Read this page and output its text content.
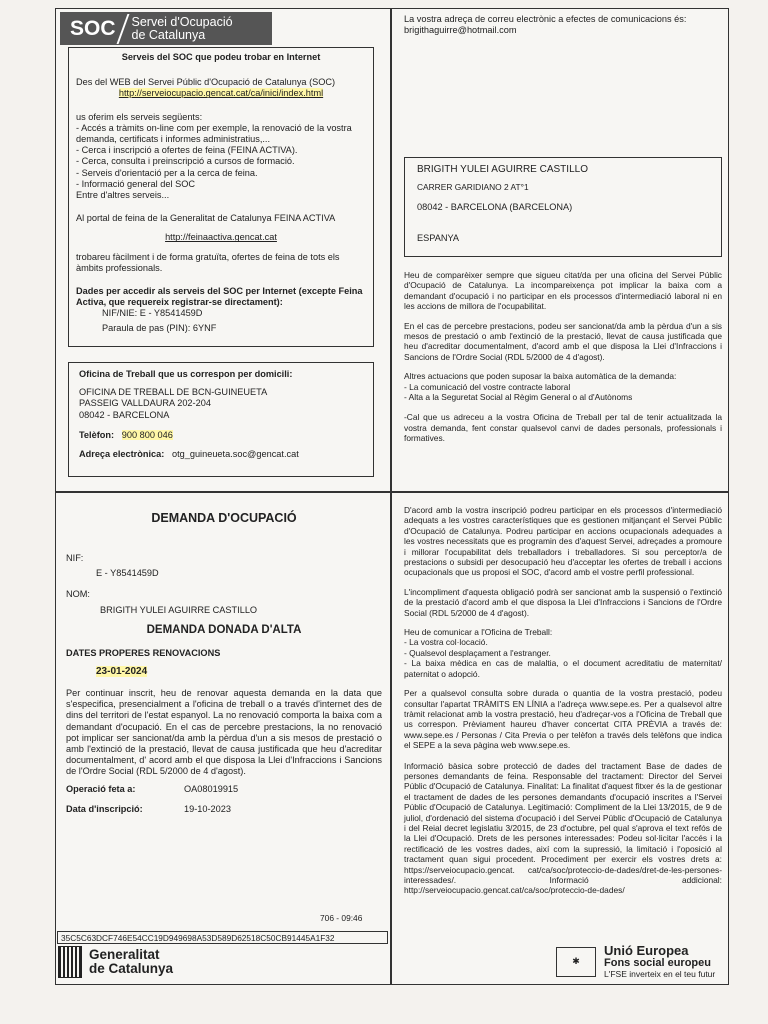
SOC	Servei d'Ocupació
de Catalunya
Serveis del SOC que podeu trobar en Internet
Des del WEB del Servei Públic d'Ocupació de Catalunya (SOC)
http://serveiocupacio.gencat.cat/ca/inici/index.html
us oferim els serveis següents:
- Accés a tràmits on-line com per exemple, la renovació de la vostra demanda, certificats i informes administratius,...
- Cerca i inscripció a ofertes de feina (FEINA ACTIVA).
- Cerca, consulta i preinscripció a cursos de formació.
- Serveis d'orientació per a la cerca de feina.
- Informació general del SOC
Entre d'altres serveis...
Al portal de feina de la Generalitat de Catalunya FEINA ACTIVA
http://feinaactiva.gencat.cat
trobareu fàcilment i de forma gratuïta, ofertes de feina de tots els àmbits professionals.
Dades per accedir als serveis del SOC per Internet (excepte Feina Activa, que requereix registrar-se directament):
NIF/NIE: E - Y8541459D
Paraula de pas (PIN): 6YNF
Oficina de Treball que us correspon per domicili:
OFICINA DE TREBALL DE BCN-GUINEUETA
PASSEIG VALLDAURA 202-204
08042 - BARCELONA
Telèfon: 900 800 046
Adreça electrònica: otg_guineueta.soc@gencat.cat
La vostra adreça de correu electrònic a efectes de comunicacions és:
brigithaguirre@hotmail.com
BRIGITH YULEI AGUIRRE CASTILLO
CARRER GARIDIANO 2 AT°1
08042 - BARCELONA (BARCELONA)
ESPANYA
Heu de comparèixer sempre que sigueu citat/da per una oficina del Servei Públic d'Ocupació de Catalunya. La incompareixença pot implicar la baixa com a demandant d'ocupació i no participar en els processos d'intermediació laboral ni en les accions de millora de l'ocupabilitat.
En el cas de percebre prestacions, podeu ser sancionat/da amb la pèrdua d'un a sis mesos de prestació o amb l'extinció de la prestació, llevat de causa justificada que heu d'acreditar documentalment, d'acord amb el que disposa la Llei d'Infraccions i Sancions de l'Ordre Social (RDL 5/2000 de 4 d'agost).
Altres actuacions que poden suposar la baixa automàtica de la demanda:
- La comunicació del vostre contracte laboral
- Alta a la Seguretat Social al Règim General o al d'Autònoms
-Cal que us adreceu a la vostra Oficina de Treball per tal de tenir actualitzada la vostra demanda, fent constar qualsevol canvi de dades personals, professionals i formatives.
DEMANDA D'OCUPACIÓ
NIF:
E - Y8541459D
NOM:
BRIGITH YULEI AGUIRRE CASTILLO
DEMANDA DONADA D'ALTA
DATES PROPERES RENOVACIONS
23-01-2024
Per continuar inscrit, heu de renovar aquesta demanda en la data que s'especifica, presencialment a l'oficina de treball o a través d'internet des de dins del territori de l'estat espanyol. La no renovació comporta la baixa com a demandant d'ocupació. En el cas de percebre prestacions, la no renovació pot implicar ser sancionat/da amb la pèrdua d'un a sis mesos de prestació o amb l'extinció de la prestació, llevat de causa justificada que heu d'acreditar documentalment, d' acord amb el que disposa la Llei d'Infraccions i Sancions de l'Ordre Social (RDL 5/2000 de 4 d'agost).
Operació feta a:	OA08019915
Data d'inscripció:	19-10-2023
706 - 09:46
35C5C63DCF746E54CC19D949698A53D589D62518C50CB91445A1F32
D'acord amb la vostra inscripció podreu participar en els processos d'intermediació adequats a les vostres característiques que es gestionen mitjançant el Servei Públic d'Ocupació de Catalunya. Podreu participar en accions ocupacionals adequades a les vostres necessitats que es programin des d'aquest Servei, adreçades a promoure i millorar l'ocupabilitat dels treballadors i treballadores. Si sou perceptor/a de prestacions o subsidi per desocupació heu d'acceptar les ofertes de treball i accions ocupacionals que us proposi el SOC, d'acord amb el vostre perfil professional.
L'incompliment d'aquesta obligació podrà ser sancionat amb la suspensió o l'extinció de la prestació d'acord amb el que disposa la Llei d'Infraccions i Sancions de l'Ordre Social (RDL 5/2000 de 4 d'agost).
Heu de comunicar a l'Oficina de Treball:
- La vostra col·locació.
- Qualsevol desplaçament a l'estranger.
- La baixa mèdica en cas de malaltia, o el document acreditatiu de maternitat/ paternitat o adopció.
Per a qualsevol consulta sobre durada o quantia de la vostra prestació, podeu consultar l'apartat TRÀMITS EN LÍNIA a l'adreça www.sepe.es. Per a qualsevol altre tràmit relacionat amb la vostra prestació, heu d'adreçar-vos a l'Oficina de Treball que us correspon. Prèviament haureu d'haver concertat CITA PRÈVIA a través de: www.sepe.es / Personas / Cita Previa o per telèfon a través dels telèfons que indica el SEPE a la seva pàgina web www.sepe.es.
Informació bàsica sobre protecció de dades del tractament Base de dades de persones demandants de feina. Responsable del tractament: Director del Servei Públic d'Ocupació de Catalunya. Finalitat: La finalitat d'aquest fitxer és la de gestionar el tractament de dades de les persones demandants d'ocupació inscrites a l'Servei Públic d'Ocupació de Catalunya. Legitimació: Compliment de la Llei 13/2015, de 9 de juliol, d'ordenació del sistema d'ocupació i del Servei Públic d'Ocupació de Catalunya i del Reial decret legislatiu 3/2015, de 23 d'octubre, pel qual s'aprova el text refós de la Llei d'Ocupació. Drets de les persones interessades: Podeu sol·licitar l'accés i la rectificació de les vostres dades, així com la supressió, la limitació i l'oposició al tractament quan sigui procedent. Procediment per exercir els vostres drets a: https://serveiocupacio.gencat. cat/ca/soc/proteccio-de-dades/dret-de-les-persones-interessades/. Informació addicional: http://serveiocupacio.gencat.cat/ca/soc/proteccio-de-dades/
Generalitat
de Catalunya	✱
Unió Europea
Fons social europeu
L'FSE inverteix en el teu futur
